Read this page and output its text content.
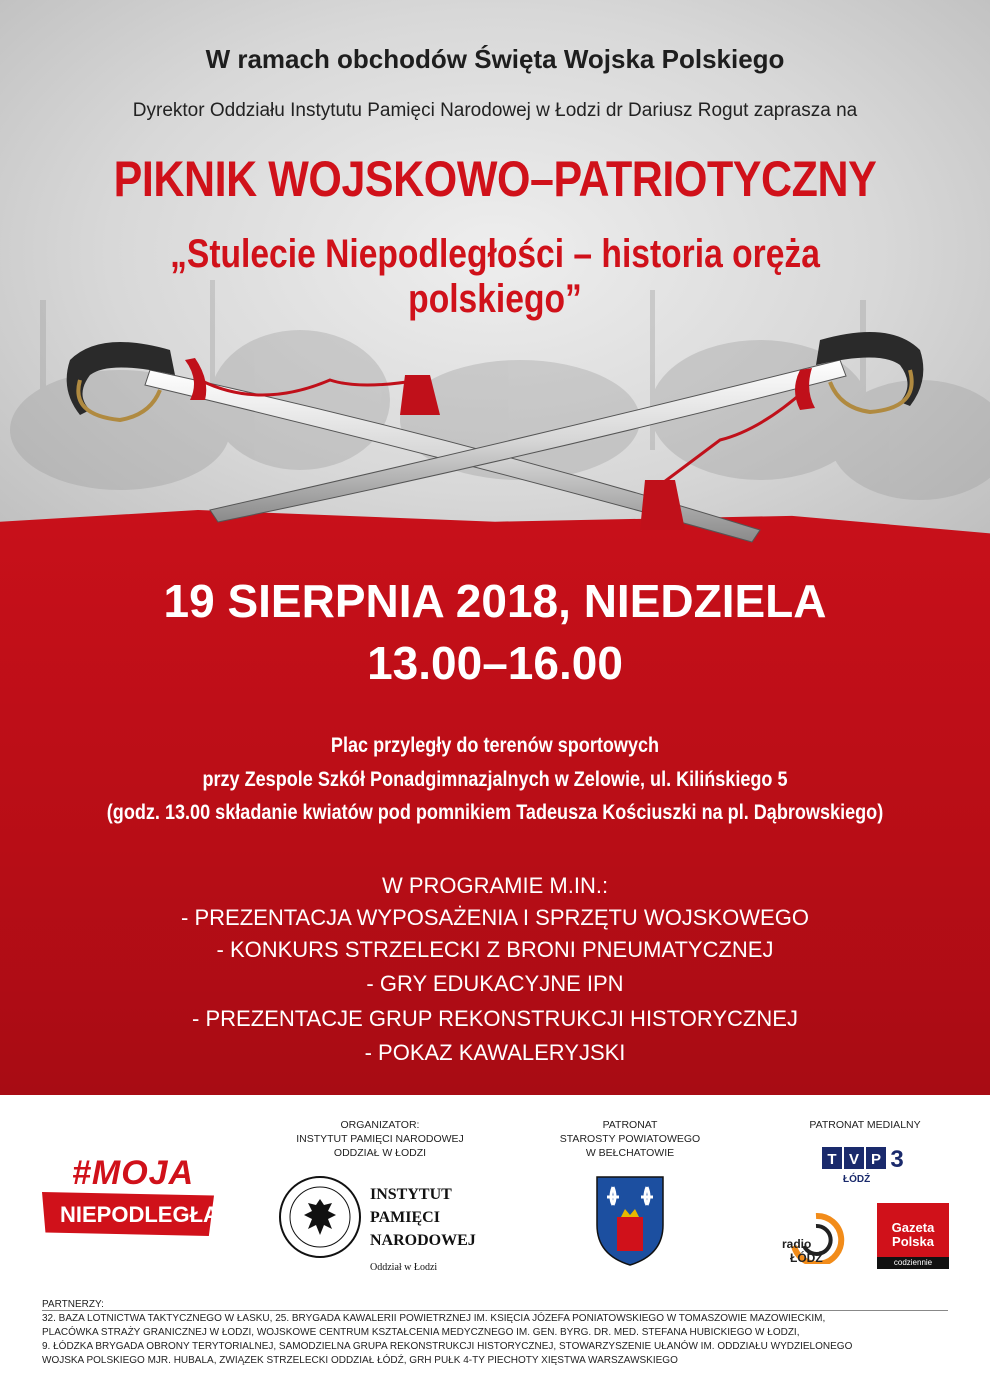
W ramach obchodów Święta Wojska Polskiego
Dyrektor Oddziału Instytutu Pamięci Narodowej w Łodzi dr Dariusz Rogut zaprasza na
PIKNIK WOJSKOWO–PATRIOTYCZNY
„Stulecie Niepodległości – historia oręża polskiego”
19 SIERPNIA 2018, NIEDZIELA
13.00–16.00
Plac przyległy do terenów sportowych
przy Zespole Szkół Ponadgimnazjalnych w Zelowie, ul. Kilińskiego 5
(godz. 13.00 składanie kwiatów pod pomnikiem Tadeusza Kościuszki na pl. Dąbrowskiego)
W PROGRAMIE M.IN.:
- PREZENTACJA WYPOSAŻENIA I SPRZĘTU WOJSKOWEGO
- KONKURS STRZELECKI Z BRONI PNEUMATYCZNEJ
- GRY EDUKACYJNE IPN
- PREZENTACJE GRUP REKONSTRUKCJI HISTORYCZNEJ
- POKAZ KAWALERYJSKI
#MOJA
NIEPODLEGŁA.
ORGANIZATOR:
INSTYTUT PAMIĘCI NARODOWEJ
ODDZIAŁ W ŁODZI
INSTYTUT
PAMIĘCI
NARODOWEJ
Oddział w Łodzi
PATRONAT
STAROSTY POWIATOWEGO
W BEŁCHATOWIE
PATRONAT MEDIALNY
T V P 3
ŁÓDŹ
radio
ŁÓDŹ
Gazeta
Polska
codziennie
PARTNERZY:
32. BAZA LOTNICTWA TAKTYCZNEGO W ŁASKU, 25. BRYGADA KAWALERII POWIETRZNEJ IM. KSIĘCIA JÓZEFA PONIATOWSKIEGO W TOMASZOWIE MAZOWIECKIM,
PLACÓWKA STRAŻY GRANICZNEJ W ŁODZI, WOJSKOWE CENTRUM KSZTAŁCENIA MEDYCZNEGO IM. GEN. BYRG. DR. MED. STEFANA HUBICKIEGO W ŁODZI,
9. ŁÓDZKA BRYGADA OBRONY TERYTORIALNEJ, SAMODZIELNA GRUPA REKONSTRUKCJI HISTORYCZNEJ, STOWARZYSZENIE UŁANÓW IM. ODDZIAŁU WYDZIELONEGO
WOJSKA POLSKIEGO MJR. HUBALA, ZWIĄZEK STRZELECKI ODDZIAŁ ŁÓDŹ, GRH PUŁK 4-TY PIECHOTY XIĘSTWA WARSZAWSKIEGO
